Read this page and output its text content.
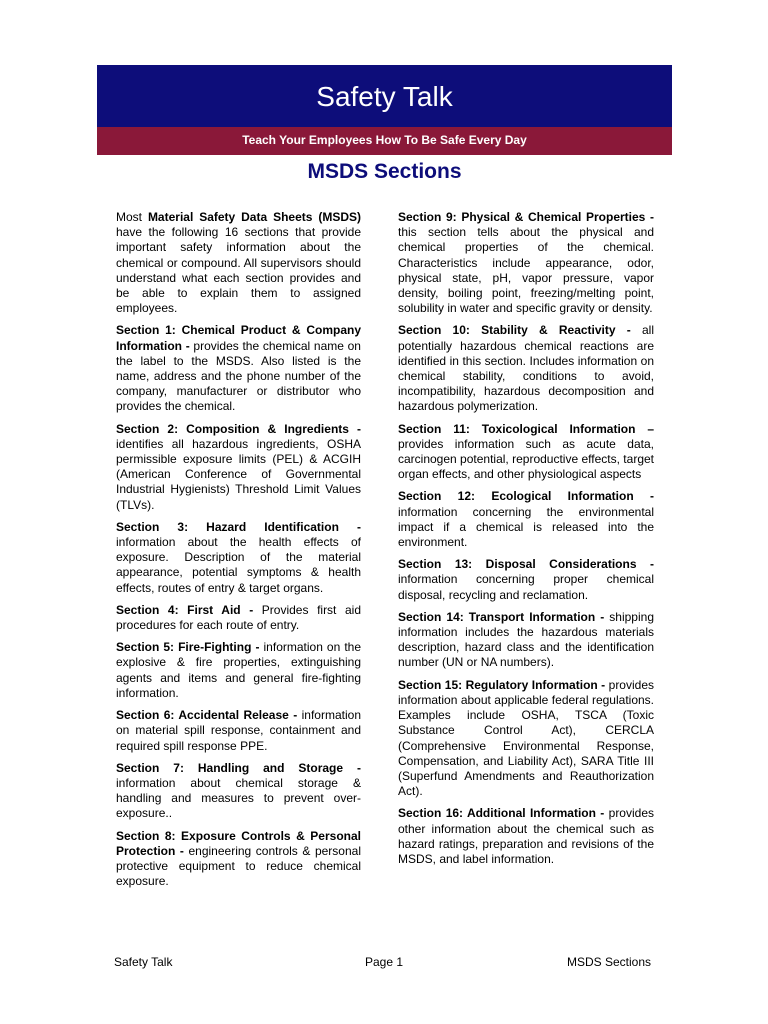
Safety Talk
Teach Your Employees How To Be Safe Every Day
MSDS Sections

Most Material Safety Data Sheets (MSDS) have the following 16 sections that provide important safety information about the chemical or compound. All supervisors should understand what each section provides and be able to explain them to assigned employees.

Section 1: Chemical Product & Company Information - provides the chemical name on the label to the MSDS. Also listed is the name, address and the phone number of the company, manufacturer or distributor who provides the chemical.

Section 2: Composition & Ingredients - identifies all hazardous ingredients, OSHA permissible exposure limits (PEL) & ACGIH (American Conference of Governmental Industrial Hygienists) Threshold Limit Values (TLVs).

Section 3: Hazard Identification - information about the health effects of exposure. Description of the material appearance, potential symptoms & health effects, routes of entry & target organs.

Section 4: First Aid - Provides first aid procedures for each route of entry.

Section 5: Fire-Fighting - information on the explosive & fire properties, extinguishing agents and items and general fire-fighting information.

Section 6: Accidental Release - information on material spill response, containment and required spill response PPE.

Section 7: Handling and Storage - information about chemical storage & handling and measures to prevent over-exposure..

Section 8: Exposure Controls & Personal Protection - engineering controls & personal protective equipment to reduce chemical exposure.

Section 9: Physical & Chemical Properties - this section tells about the physical and chemical properties of the chemical. Characteristics include appearance, odor, physical state, pH, vapor pressure, vapor density, boiling point, freezing/melting point, solubility in water and specific gravity or density.

Section 10: Stability & Reactivity - all potentially hazardous chemical reactions are identified in this section. Includes information on chemical stability, conditions to avoid, incompatibility, hazardous decomposition and hazardous polymerization.

Section 11: Toxicological Information – provides information such as acute data, carcinogen potential, reproductive effects, target organ effects, and other physiological aspects

Section 12: Ecological Information - information concerning the environmental impact if a chemical is released into the environment.

Section 13: Disposal Considerations - information concerning proper chemical disposal, recycling and reclamation.

Section 14: Transport Information - shipping information includes the hazardous materials description, hazard class and the identification number (UN or NA numbers).

Section 15: Regulatory Information - provides information about applicable federal regulations. Examples include OSHA, TSCA (Toxic Substance Control Act), CERCLA (Comprehensive Environmental Response, Compensation, and Liability Act), SARA Title III (Superfund Amendments and Reauthorization Act).

Section 16: Additional Information - provides other information about the chemical such as hazard ratings, preparation and revisions of the MSDS, and label information.

Safety Talk	Page 1	MSDS Sections
